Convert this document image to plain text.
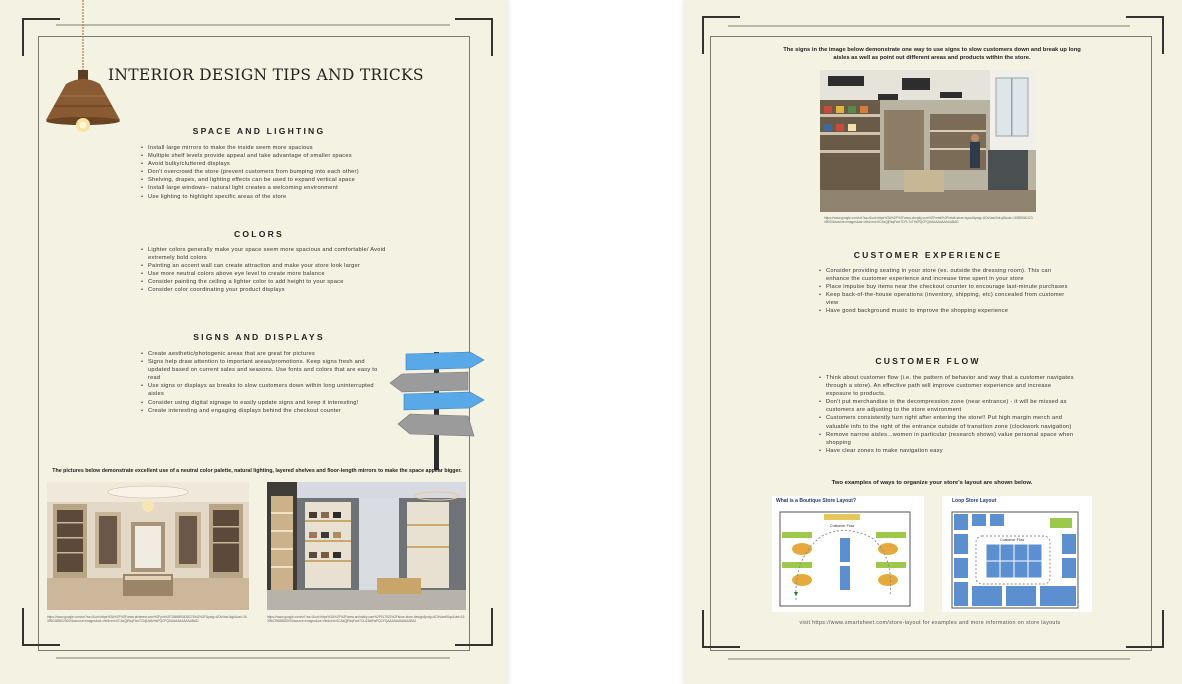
INTERIOR DESIGN TIPS AND TRICKS
SPACE AND LIGHTING
• Install large mirrors to make the inside seem more spacious
• Multiple shelf levels provide appeal and take advantage of smaller spaces
• Avoid bulky/cluttered displays
• Don't overcrowd the store (prevent customers from bumping into each other)
• Shelving, drapes, and lighting effects can be used to expand vertical space
• Install large windows– natural light creates a welcoming environment
• Use lighting to highlight specific areas of the store
COLORS
• Lighter colors generally make your space seem more spacious and comfortable/ Avoid extremely bold colors
• Painting an accent wall can create attraction and make your store look larger
• Use more neutral colors above eye level to create more balance
• Consider painting the ceiling a lighter color to add height to your space
• Consider color coordinating your product displays
SIGNS AND DISPLAYS
• Create aesthetic/photogenic areas that are great for pictures
• Signs help draw attention to important areas/promotions. Keep signs fresh and updated based on current sales and seasons. Use fonts and colors that are easy to read
• Use signs or displays as breaks to slow customers down within long uninterrupted aisles
• Consider using digital signage to easily update signs and keep it interesting!
• Create interesting and engaging displays behind the checkout counter
The pictures below demonstrate excellent use of a neutral color palette, natural lighting, layered shelves and floor-length mirrors to make the space appear bigger.
https://www.google.com/url?sa=i&url=https%3A%2F%2Fwww.pinterest.com%2Fpin%2F2869893438374542%2F&psig=AOvVaw1kgk&ust=1639503896023000&source=images&cd=vfe&ved=0CAsQjRxqFwoTCNjUs8vHsPQCFQAAAAAdAAAAABAD
https://www.google.com/url?sa=i&url=https%3A%2F%2Fwww.archdaily.com%2F917522%2Fshoe-store-design&psig=AOvVaw0Kqz&ust=1639503965882000&source=images&cd=vfe&ved=0CAsQjRxqFwoTCLiZ5dfHsPQCFQAAAAAdAAAAABAJ
The signs in the image below demonstrate one way to use signs to slow customers down and break up long aisles as well as point out different areas and products within the store.
https://www.google.com/url?sa=i&url=https%3A%2F%2Fwww.shopify.com%2Fretail%2Fretail-store-layout&psig=AOvVaw3mLq8&ust=1639504012345000&source=images&cd=vfe&ved=0CAsQjRxqFwoTCPi-7uTHsPQCFQAAAAAdAAAAABAD
CUSTOMER EXPERIENCE
• Consider providing seating in your store (ex. outside the dressing room). This can enhance the customer experience and increase time spent in your store
• Place impulse buy items near the checkout counter to encourage last-minute purchases
• Keep back-of-the-house operations (inventory, shipping, etc) concealed from customer view
• Have good background music to improve the shopping experience
CUSTOMER FLOW
• Think about customer flow (i.e. the pattern of behavior and way that a customer navigates through a store). An effective path will improve customer experience and increase exposure to products.
• Don't put merchandise in the decompression zone (near entrance) - it will be missed as customers are adjusting to the store environment
• Customers consistently turn right after entering the store!! Put high margin merch and valuable info to the right of the entrance outside of transition zone (clockwork navigation)
• Remove narrow aisles...women in particular (research shows) value personal space when shopping
• Have clear zones to make navigation easy
Two examples of ways to organize your store's layout are shown below.
What is a Boutique Store Layout?
Customer Flow
Loop Store Layout
Customer Flow
visit https://www.smartsheet.com/store-layout for examples and more information on store layouts
